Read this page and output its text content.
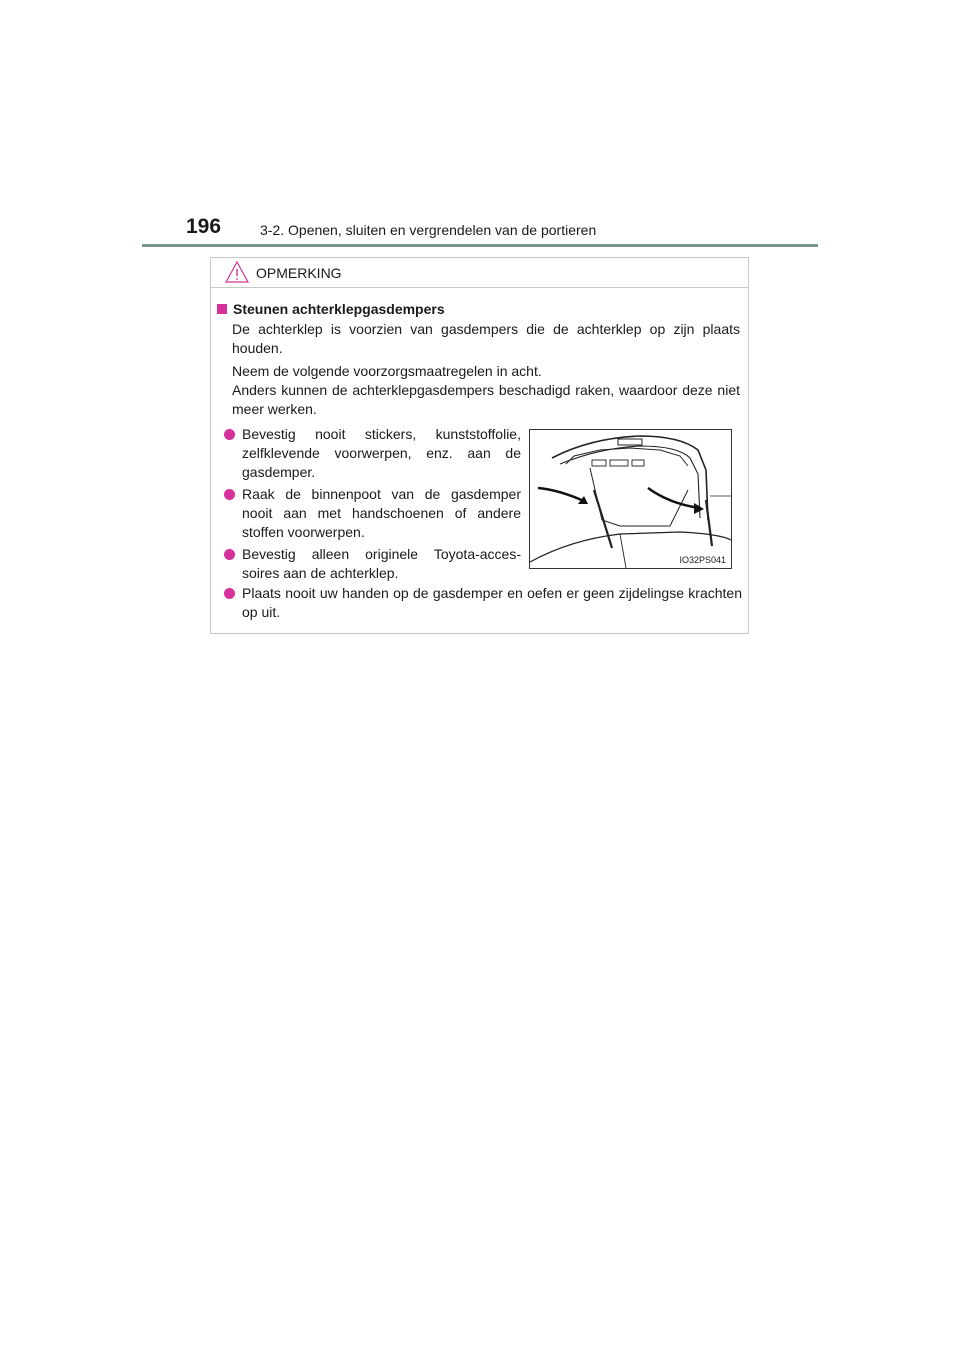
196	3-2. Openen, sluiten en vergrendelen van de portieren
OPMERKING
Steunen achterklepgasdempers
De achterklep is voorzien van gasdempers die de achterklep op zijn plaats houden.
Neem de volgende voorzorgsmaatregelen in acht.
Anders kunnen de achterklepgasdempers beschadigd raken, waardoor deze niet meer werken.
Bevestig nooit stickers, kunststoffolie, zelfklevende voorwerpen, enz. aan de gasdemper.
Raak de binnenpoot van de gasdemper nooit aan met handschoenen of andere stoffen voorwerpen.
Bevestig alleen originele Toyota-acces-soires aan de achterklep.
Plaats nooit uw handen op de gasdemper en oefen er geen zijdelingse krachten op uit.
IO32PS041
